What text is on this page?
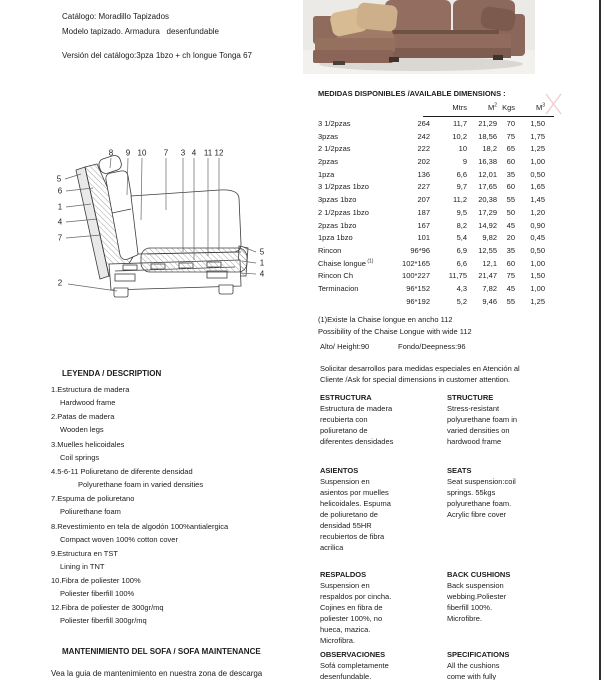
Catálogo: Moradillo Tapizados
Modelo tapizado. Armadura   desenfundable
Versión del catálogo:3pza 1bzo + ch longue Tonga 67
8 9 10 7 3 4 11 12
5
6
1
4
7
2
5
1
4
MEDIDAS DISPONIBLES /AVAILABLE DIMENSIONS :
Mtrs	$M^2$ Kgs	$M^3$
3 1/2pzas	264	11,7	21,29	70	1,50
3pzas	242	10,2	18,56	75	1,75
2 1/2pzas	222	10	18,2	65	1,25
2pzas	202	9	16,38	60	1,00
1pza	136	6,6	12,01	35	0,50
3 1/2pzas 1bzo	227	9,7	17,65	60	1,65
3pzas 1bzo	207	11,2	20,38	55	1,45
2 1/2pzas 1bzo	187	9,5	17,29	50	1,20
2pzas 1bzo	167	8,2	14,92	45	0,90
1pza 1bzo	101	5,4	9,82	20	0,45
Rincon	96*96	6,9	12,55	35	0,50
Chaise longue $^{(1)}$	102*165	6,6	12,1	60	1,00
Rincon Ch	100*227	11,75	21,47	75	1,50
Terminacion	96*152	4,3	7,82	45	1,00
96*192	5,2	9,46	55	1,25
(1)Existe la Chaise longue en ancho 112
Possibility of the Chaise Longue with wide 112
Alto/ Height:90	Fondo/Deepness:96
Solicitar desarrollos para medidas especiales en Atención al
Cliente /Ask for special dimensions in customer attention.
LEYENDA / DESCRIPTION
1.Estructura de madera
Hardwood frame
2.Patas de madera
Wooden legs
3.Muelles helicoidales
Coil springs
4.5-6-11 Poliuretano de diferente densidad
Polyurethane foam in varied densities
7.Espuma de poliuretano
Poliurethane foam
8.Revestimiento en tela de algodón 100%antialergica
Compact woven 100% cotton cover
9.Estructura en TST
Lining in TNT
10.Fibra de poliester 100%
Poliester fiberfill 100%
12.Fibra de poliester de 300gr/mq
Poliester fiberfill 300gr/mq
MANTENIMIENTO DEL SOFA / SOFA MAINTENANCE
Vea la guia de mantenimiento en nuestra zona de descarga
ESTRUCTURA
Estructura de madera
recubierta con
poliuretano de
diferentes densidades
STRUCTURE
Stress-resistant
polyurethane foam in
varied densities on
hardwood frame
ASIENTOS
Suspension en
asientos por muelles
helicoidales. Espuma
de poliuretano de
densidad 55HR
recubiertos de fibra
acrilica
SEATS
Seat suspension:coil
springs. 55kgs
polyurethane foam.
Acrylic fibre cover
RESPALDOS
Suspension en
respaldos por cincha.
Cojines en fibra de
poliester 100%, no
hueca, mazica.
Microfibra.
BACK CUSHIONS
Back suspension
webbing.Poliester
fiberfill 100%.
Microfibre.
OBSERVACIONES
Sofá completamente
desenfundable.
SPECIFICATIONS
All the cushions
come with fully
